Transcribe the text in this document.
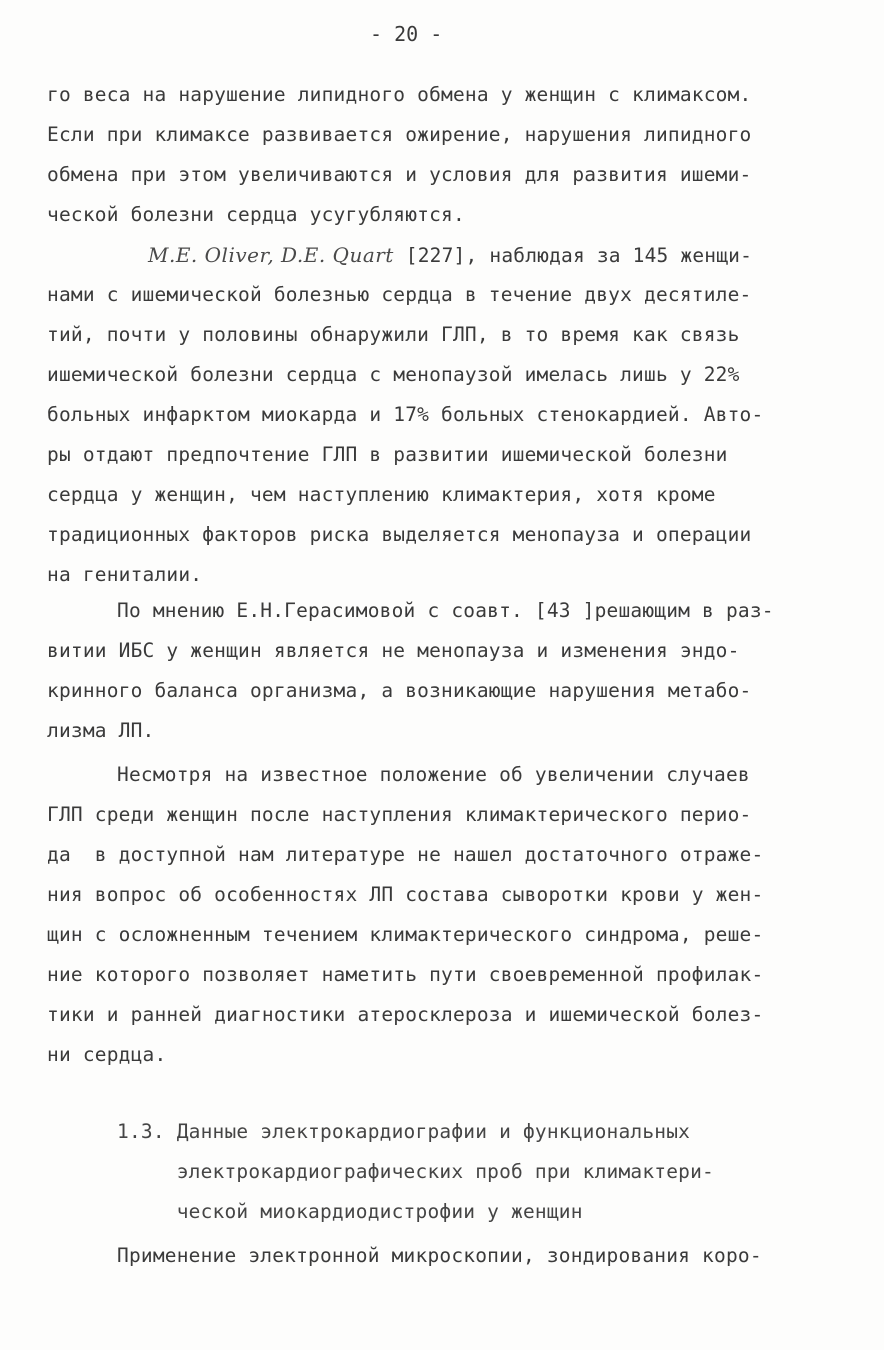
- 20 -
го веса на нарушение липидного обмена у женщин с климаксом.
Если при климаксе развивается ожирение, нарушения липидного
обмена при этом увеличиваются и условия для развития ишеми-
ческой болезни сердца усугубляются.
M.E. Oliver, D.E. Quart [227], наблюдая за 145 женщи-
нами с ишемической болезнью сердца в течение двух десятиле-
тий, почти у половины обнаружили ГЛП, в то время как связь
ишемической болезни сердца с менопаузой имелась лишь у 22%
больных инфарктом миокарда и 17% больных стенокардией. Авто-
ры отдают предпочтение ГЛП в развитии ишемической болезни
сердца у женщин, чем наступлению климактерия, хотя кроме
традиционных факторов риска выделяется менопауза и операции
на гениталии.
По мнению Е.Н.Герасимовой с соавт. [43 ]решающим в раз-
витии ИБС у женщин является не менопауза и изменения эндо-
кринного баланса организма, а возникающие нарушения метабо-
лизма ЛП.
Несмотря на известное положение об увеличении случаев
ГЛП среди женщин после наступления климактерического перио-
да  в доступной нам литературе не нашел достаточного отраже-
ния вопрос об особенностях ЛП состава сыворотки крови у жен-
щин с осложненным течением климактерического синдрома, реше-
ние которого позволяет наметить пути своевременной профилак-
тики и ранней диагностики атеросклероза и ишемической болез-
ни сердца.
1.3. Данные электрокардиографии и функциональных
электрокардиографических проб при климактери-
ческой миокардиодистрофии у женщин
Применение электронной микроскопии, зондирования коро-
